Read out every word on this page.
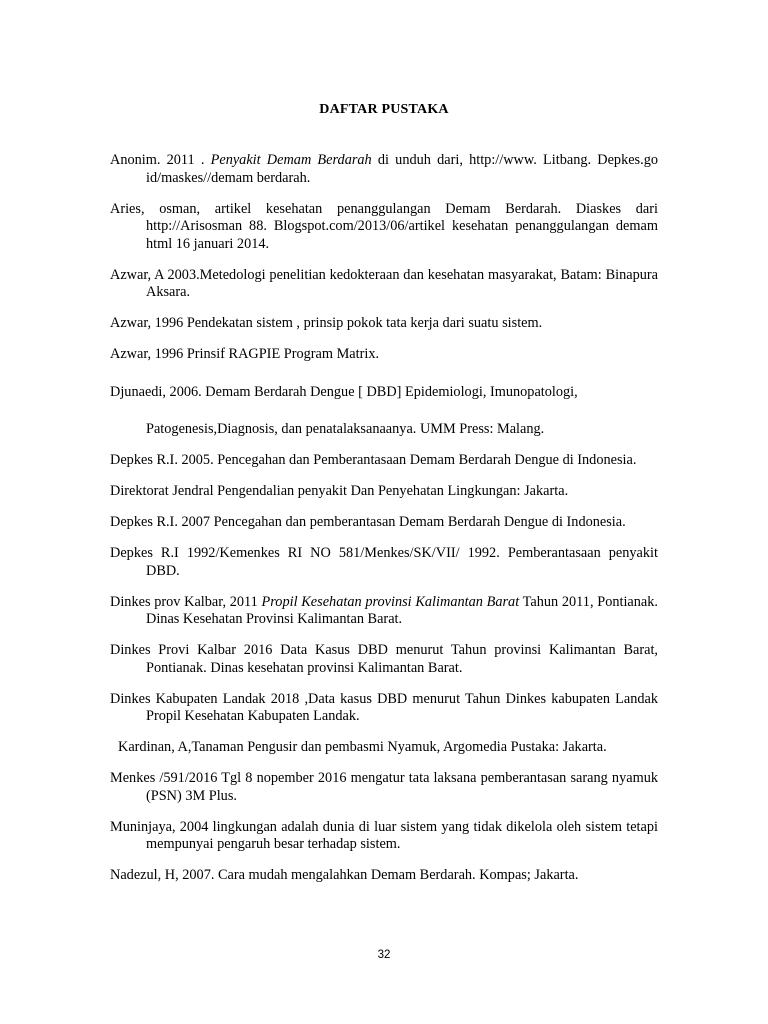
DAFTAR PUSTAKA

Anonim. 2011 . Penyakit Demam Berdarah di unduh dari, http://www. Litbang. Depkes.go id/maskes//demam berdarah.

Aries, osman, artikel kesehatan penanggulangan Demam Berdarah. Diaskes dari http://Arisosman 88. Blogspot.com/2013/06/artikel kesehatan penanggulangan demam html 16 januari 2014.

Azwar, A 2003.Metedologi penelitian kedokteraan dan kesehatan masyarakat, Batam: Binapura Aksara.

Azwar, 1996 Pendekatan sistem , prinsip pokok tata kerja dari suatu sistem.

Azwar, 1996 Prinsif RAGPIE Program Matrix.

Djunaedi, 2006. Demam Berdarah Dengue [ DBD] Epidemiologi, Imunopatologi,

Patogenesis,Diagnosis, dan penatalaksanaanya. UMM Press: Malang.

Depkes R.I. 2005. Pencegahan dan Pemberantasaan Demam Berdarah Dengue di Indonesia.

Direktorat Jendral Pengendalian penyakit Dan Penyehatan Lingkungan: Jakarta.

Depkes R.I. 2007 Pencegahan dan pemberantasan Demam Berdarah Dengue di Indonesia.

Depkes R.I 1992/Kemenkes RI NO 581/Menkes/SK/VII/ 1992. Pemberantasaan penyakit DBD.

Dinkes prov Kalbar, 2011 Propil Kesehatan provinsi Kalimantan Barat Tahun 2011, Pontianak. Dinas Kesehatan Provinsi Kalimantan Barat.

Dinkes Provi Kalbar 2016 Data Kasus DBD menurut Tahun provinsi Kalimantan Barat, Pontianak. Dinas kesehatan provinsi Kalimantan Barat.

Dinkes Kabupaten Landak 2018 ,Data kasus DBD menurut Tahun Dinkes kabupaten Landak Propil Kesehatan Kabupaten Landak.

Kardinan, A,Tanaman Pengusir dan pembasmi Nyamuk, Argomedia Pustaka: Jakarta.

Menkes /591/2016 Tgl 8 nopember 2016 mengatur tata laksana pemberantasan sarang nyamuk (PSN) 3M Plus.

Muninjaya, 2004 lingkungan adalah dunia di luar sistem yang tidak dikelola oleh sistem tetapi mempunyai pengaruh besar terhadap sistem.

Nadezul, H, 2007. Cara mudah mengalahkan Demam Berdarah. Kompas; Jakarta.

32
